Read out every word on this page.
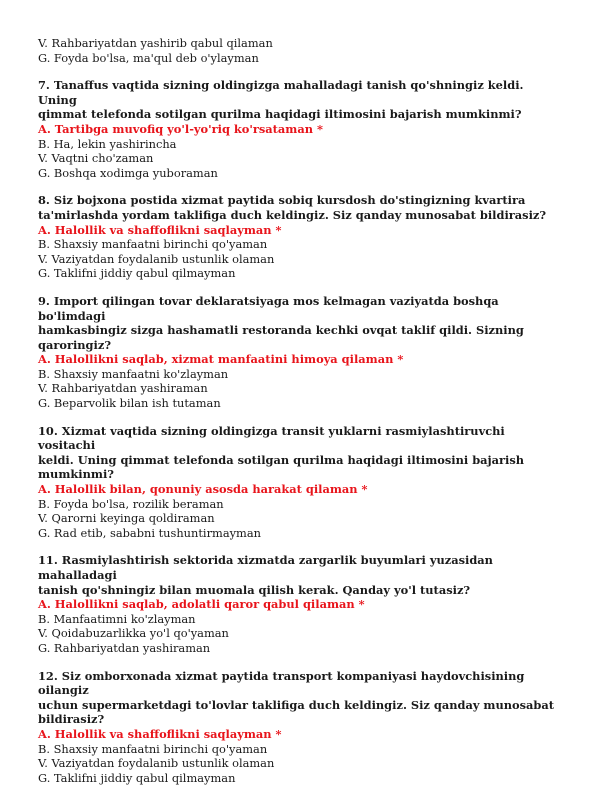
V. Rahbariyatdan yashirib qabul qilaman

G. Foyda bo'lsa, ma'qul deb o'ylayman

7. Tanaffus vaqtida sizning oldingizga mahalladagi tanish qo'shningiz keldi. Uning

qimmat telefonda sotilgan qurilma haqidagi iltimosini bajarish mumkinmi?

A. Tartibga muvofiq yo'l-yo'riq ko'rsataman *

B. Ha, lekin yashirincha

V. Vaqtni cho'zaman

G. Boshqa xodimga yuboraman

8. Siz bojxona postida xizmat paytida sobiq kursdosh do'stingizning kvartira

ta'mirlashda yordam taklifiga duch keldingiz. Siz qanday munosabat bildirasiz?

A. Halollik va shaffoflikni saqlayman *

B. Shaxsiy manfaatni birinchi qo'yaman

V. Vaziyatdan foydalanib ustunlik olaman

G. Taklifni jiddiy qabul qilmayman

9. Import qilingan tovar deklaratsiyaga mos kelmagan vaziyatda boshqa bo'limdagi

hamkasbingiz sizga hashamatli restoranda kechki ovqat taklif qildi. Sizning

qaroringiz?

A. Halollikni saqlab, xizmat manfaatini himoya qilaman *

B. Shaxsiy manfaatni ko'zlayman

V. Rahbariyatdan yashiraman

G. Beparvolik bilan ish tutaman

10. Xizmat vaqtida sizning oldingizga transit yuklarni rasmiylashtiruvchi vositachi

keldi. Uning qimmat telefonda sotilgan qurilma haqidagi iltimosini bajarish

mumkinmi?

A. Halollik bilan, qonuniy asosda harakat qilaman *

B. Foyda bo'lsa, rozilik beraman

V. Qarorni keyinga qoldiraman

G. Rad etib, sababni tushuntirmayman

11. Rasmiylashtirish sektorida xizmatda zargarlik buyumlari yuzasidan mahalladagi

tanish qo'shningiz bilan muomala qilish kerak. Qanday yo'l tutasiz?

A. Halollikni saqlab, adolatli qaror qabul qilaman *

B. Manfaatimni ko'zlayman

V. Qoidabuzarlikka yo'l qo'yaman

G. Rahbariyatdan yashiraman

12. Siz omborxonada xizmat paytida transport kompaniyasi haydovchisining oilangiz

uchun supermarketdagi to'lovlar taklifiga duch keldingiz. Siz qanday munosabat

bildirasiz?

A. Halollik va shaffoflikni saqlayman *

B. Shaxsiy manfaatni birinchi qo'yaman

V. Vaziyatdan foydalanib ustunlik olaman

G. Taklifni jiddiy qabul qilmayman
